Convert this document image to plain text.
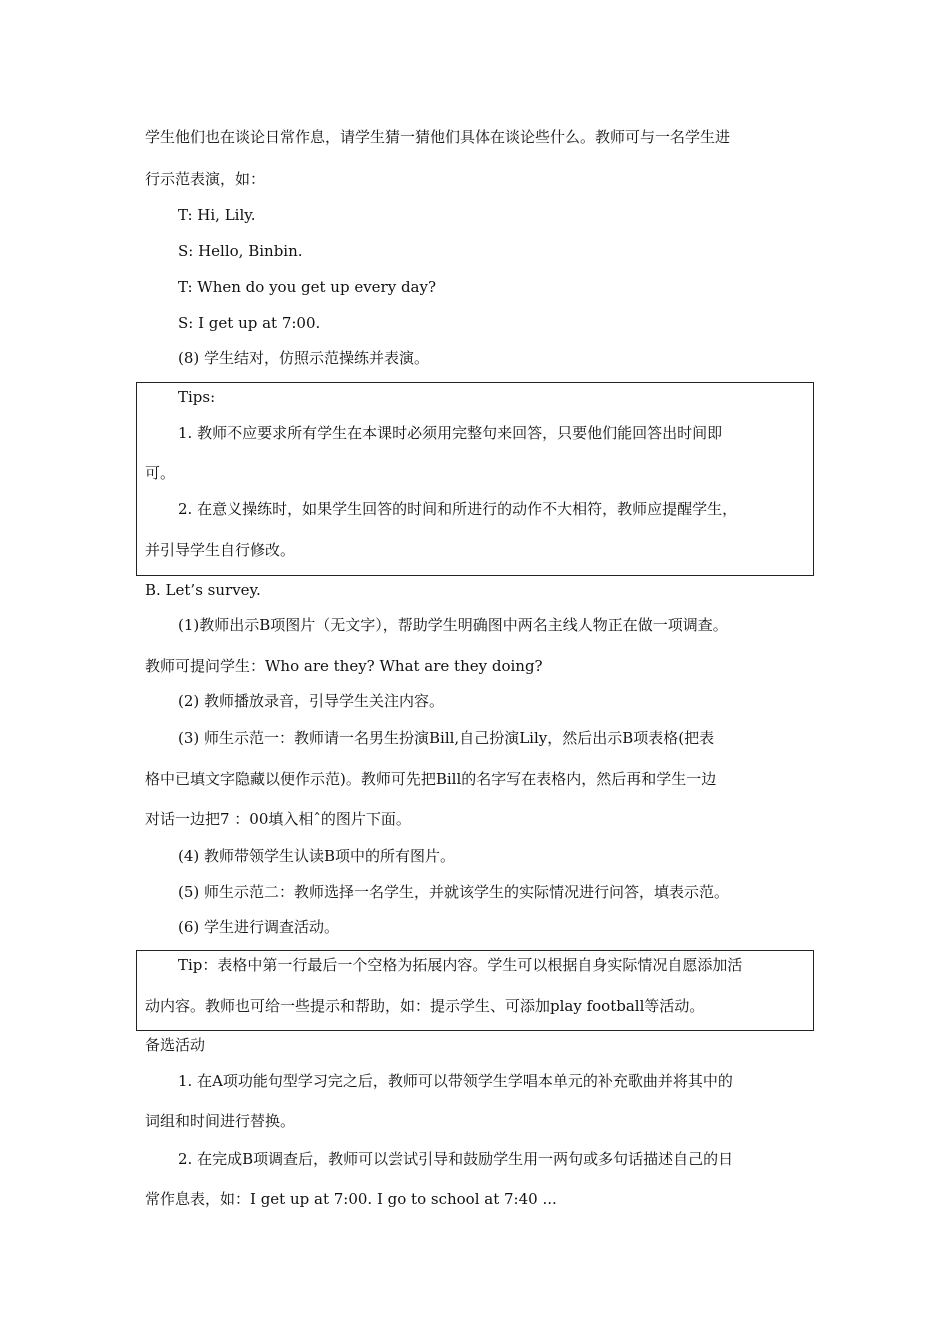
学生他们也在谈论日常作息，请学生猜一猜他们具体在谈论些什么。教师可与一名学生进
行示范表演，如：
T: Hi, Lily.
S: Hello, Binbin.
T: When do you get up every day?
S: I get up at 7:00.
(8) 学生结对，仿照示范操练并表演。
Tips:
1. 教师不应要求所有学生在本课时必须用完整句来回答，只要他们能回答出时间即
可。
2. 在意义操练时，如果学生回答的时间和所进行的动作不大相符，教师应提醒学生，
并引导学生自行修改。
B. Let’s survey.
(1)教师出示B项图片（无文字），帮助学生明确图中两名主线人物正在做一项调查。
教师可提问学生：Who are they? What are they doing?
(2) 教师播放录音，引导学生关注内容。
(3) 师生示范一：教师请一名男生扮演Bill,自己扮演Lily，然后出示B项表格(把表
格中已填文字隐藏以便作示范)。教师可先把Bill的名字写在表格内，然后再和学生一边
对话一边把7 ：00填入相ˆ的图片下面。
(4) 教师带领学生认读B项中的所有图片。
(5) 师生示范二：教师选择一名学生，并就该学生的实际情况进行问答，填表示范。
(6) 学生进行调查活动。
Tip：表格中第一行最后一个空格为拓展内容。学生可以根据自身实际情况自愿添加活
动内容。教师也可给一些提示和帮助，如：提示学生、可添加play football等活动。
备选活动
1. 在A项功能句型学习完之后，教师可以带领学生学唱本单元的补充歌曲并将其中的
词组和时间进行替换。
2. 在完成B项调查后，教师可以尝试引导和鼓励学生用一两句或多句话描述自己的日
常作息表，如：I get up at 7:00. I go to school at 7:40 ...
